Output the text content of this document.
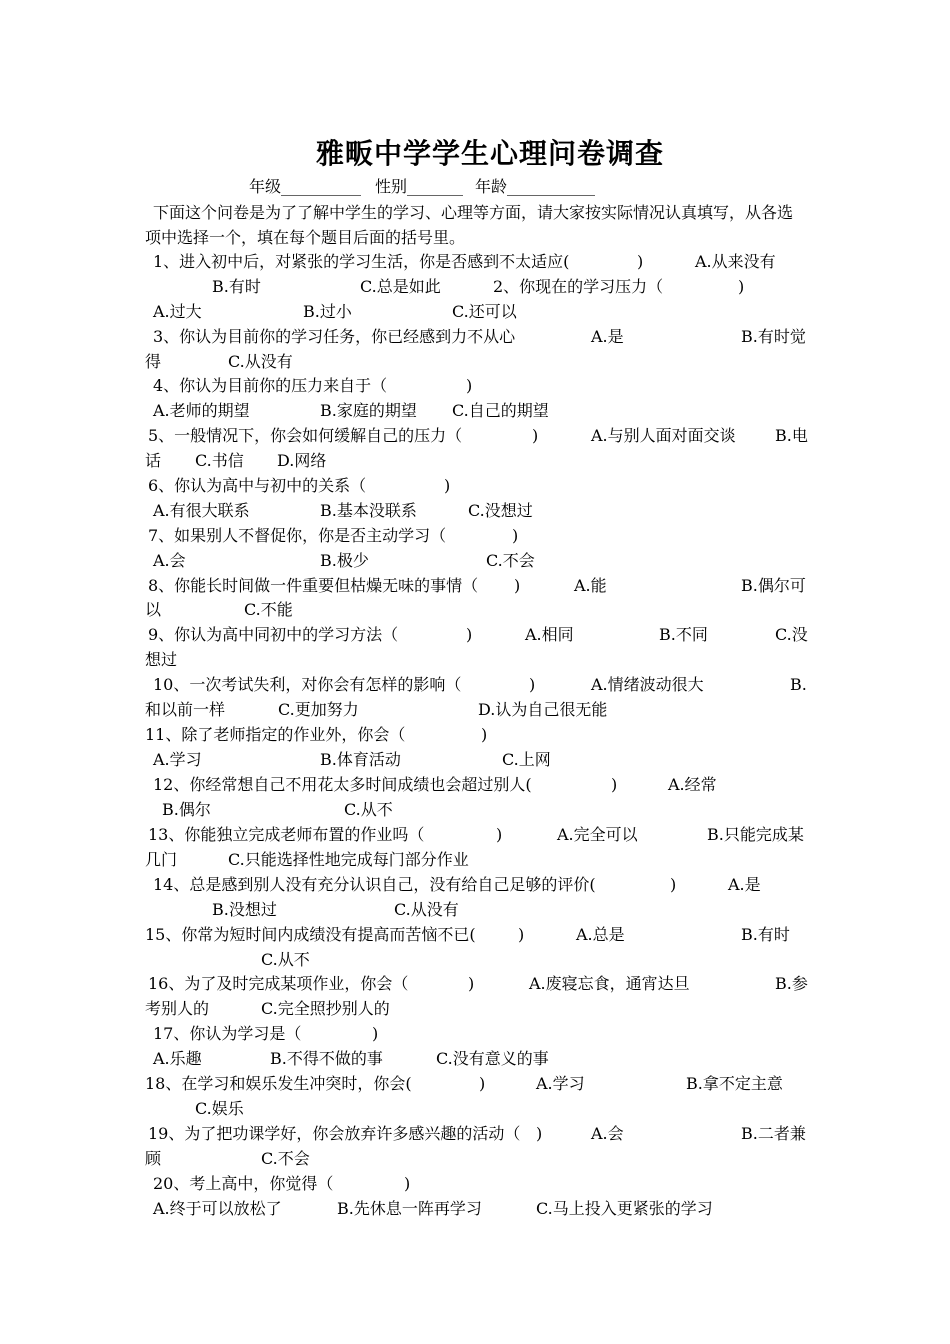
雅畈中学学生心理问卷调查
年级__________ 性别_______ 年龄___________
下面这个问卷是为了了解中学生的学习、心理等方面，请大家按实际情况认真填写，从各选
项中选择一个，填在每个题目后面的括号里。
1、进入初中后，对紧张的学习生活，你是否感到不太适应(	)	A.从来没有
B.有时	C.总是如此	2、你现在的学习压力（	)
A.过大	B.过小	C.还可以
3、你认为目前你的学习任务，你已经感到力不从心	A.是	B.有时觉
得	C.从没有
4、你认为目前你的压力来自于（	)
A.老师的期望	B.家庭的期望 C.自己的期望
5、一般情况下，你会如何缓解自己的压力（	)	A.与别人面对面交谈 B.电
话 C.书信 D.网络
6、你认为高中与初中的关系（	)
A.有很大联系	B.基本没联系	C.没想过
7、如果别人不督促你，你是否主动学习（	)
A.会	B.极少	C.不会
8、你能长时间做一件重要但枯燥无味的事情（ )	A.能	B.偶尔可
以	C.不能
9、你认为高中同初中的学习方法（	)	A.相同	B.不同	C.没
想过
10、一次考试失利，对你会有怎样的影响（	)	A.情绪波动很大	B.
和以前一样	C.更加努力	D.认为自己很无能
11、除了老师指定的作业外，你会（	)
A.学习	B.体育活动	C.上网
12、你经常想自己不用花太多时间成绩也会超过别人(	)	A.经常
B.偶尔	C.从不
13、你能独立完成老师布置的作业吗（	)	A.完全可以	B.只能完成某
几门	C.只能选择性地完成每门部分作业
14、总是感到别人没有充分认识自己，没有给自己足够的评价(	)	A.是
B.没想过	C.从没有
15、你常为短时间内成绩没有提高而苦恼不已(	)	A.总是	B.有时
C.从不
16、为了及时完成某项作业，你会（	)	A.废寝忘食，通宵达旦	B.参
考别人的	C.完全照抄别人的
17、你认为学习是（	)
A.乐趣	B.不得不做的事	C.没有意义的事
18、在学习和娱乐发生冲突时，你会(	)	A.学习	B.拿不定主意
C.娱乐
19、为了把功课学好，你会放弃许多感兴趣的活动（ )	A.会	B.二者兼
顾	C.不会
20、考上高中，你觉得（	)
A.终于可以放松了	B.先休息一阵再学习	C.马上投入更紧张的学习
